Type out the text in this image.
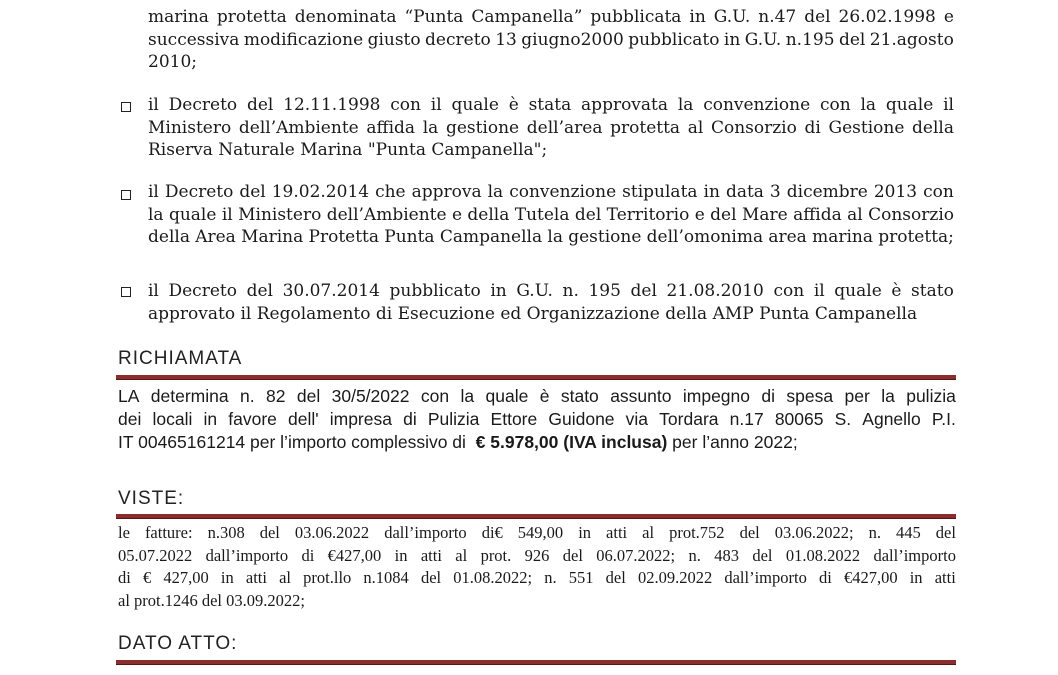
marina protetta denominata “Punta Campanella” pubblicata in G.U. n.47 del 26.02.1998 e
successiva modificazione giusto decreto 13 giugno2000 pubblicato in G.U. n.195 del 21.agosto
2010;
il Decreto del 12.11.1998 con il quale è stata approvata la convenzione con la quale il
Ministero dell’Ambiente affida la gestione dell’area protetta al Consorzio di Gestione della
Riserva Naturale Marina "Punta Campanella";
il Decreto del 19.02.2014 che approva la convenzione stipulata in data 3 dicembre 2013 con
la quale il Ministero dell’Ambiente e della Tutela del Territorio e del Mare affida al Consorzio
della Area Marina Protetta Punta Campanella la gestione dell’omonima area marina protetta;
il Decreto del 30.07.2014 pubblicato in G.U. n. 195 del 21.08.2010 con il quale è stato
approvato il Regolamento di Esecuzione ed Organizzazione della AMP Punta Campanella
RICHIAMATA
LA determina n. 82 del 30/5/2022 con la quale è stato assunto impegno di spesa per la pulizia
dei locali in favore dell' impresa di Pulizia Ettore Guidone via Tordara n.17 80065 S. Agnello P.I.
IT 00465161214 per l’importo complessivo di € 5.978,00 (IVA inclusa) per l’anno 2022;
VISTE:
le fatture: n.308 del 03.06.2022 dall’importo di€ 549,00 in atti al prot.752 del 03.06.2022; n. 445 del
05.07.2022 dall’importo di €427,00 in atti al prot. 926 del 06.07.2022; n. 483 del 01.08.2022 dall’importo
di € 427,00 in atti al prot.llo n.1084 del 01.08.2022; n. 551 del 02.09.2022 dall’importo di €427,00 in atti
al prot.1246 del 03.09.2022;
DATO ATTO:
